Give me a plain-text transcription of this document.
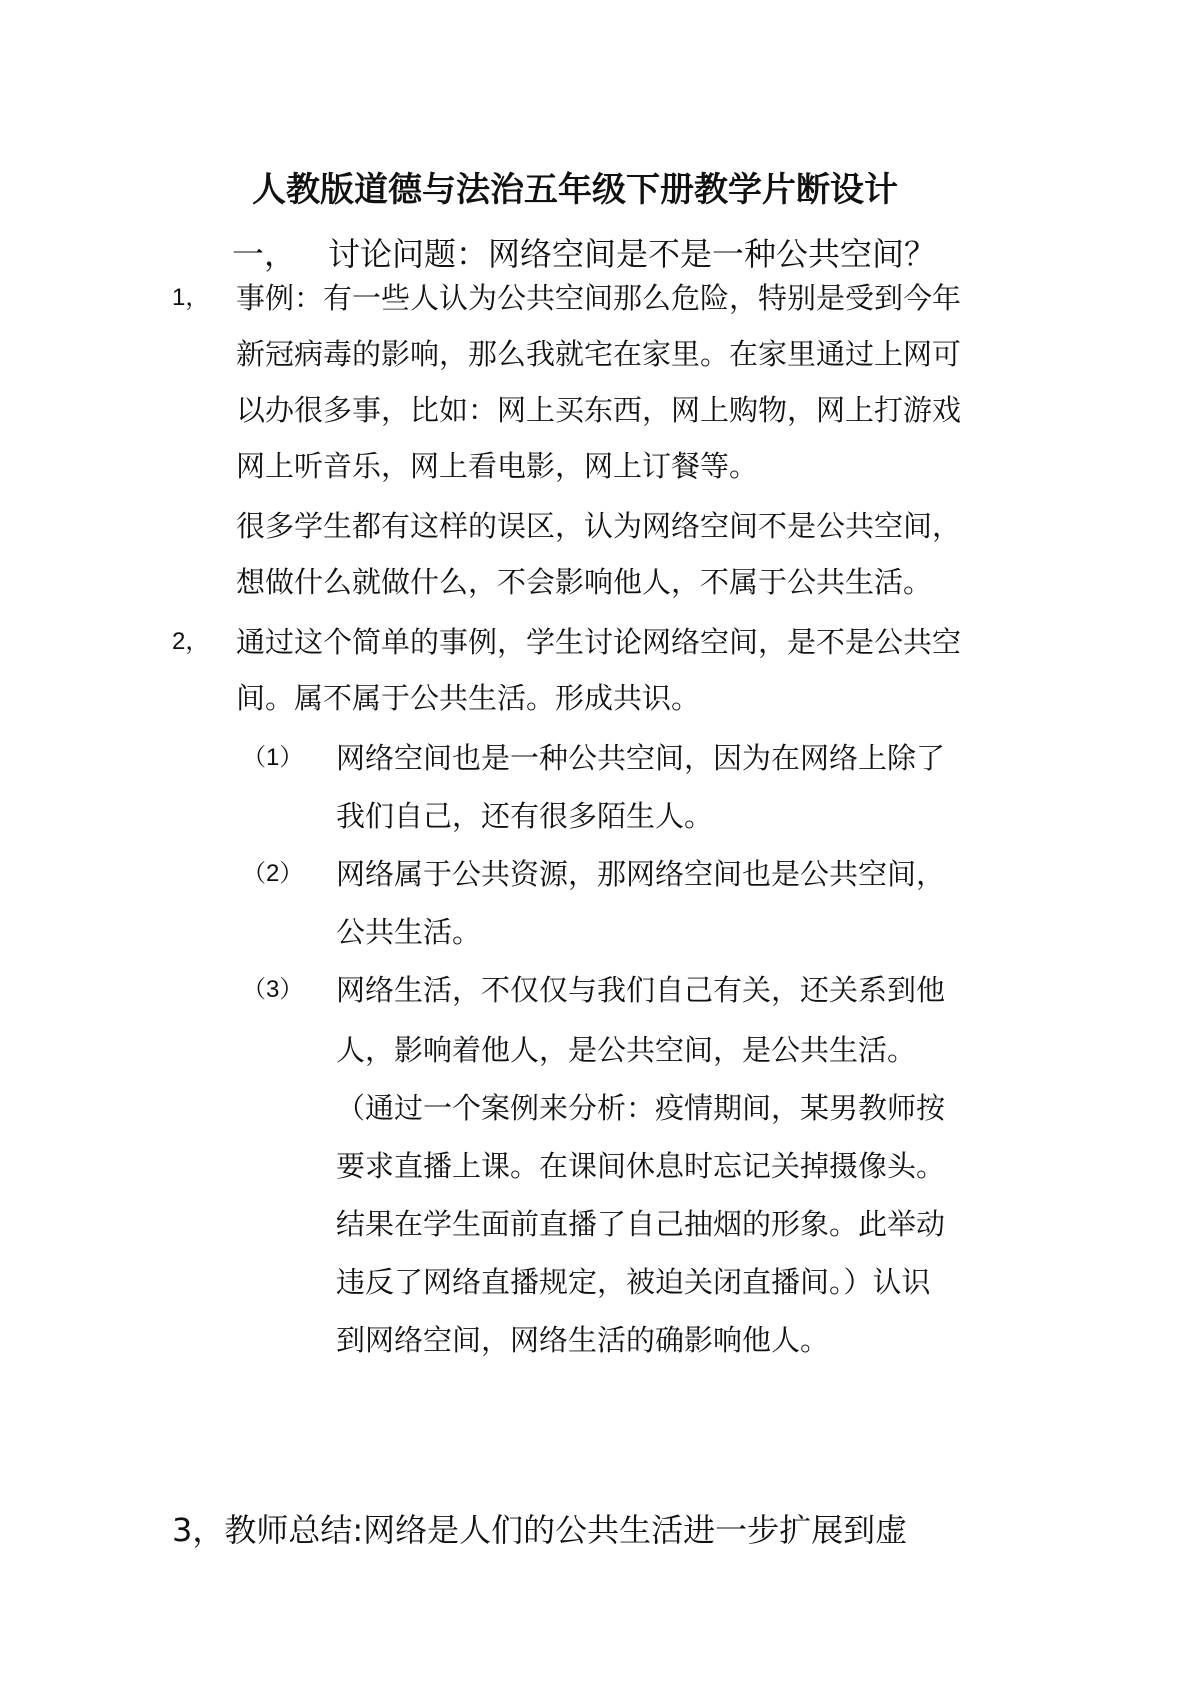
人教版道德与法治五年级下册教学片断设计
一， 讨论问题：网络空间是不是一种公共空间？
1， 事例：有一些人认为公共空间那么危险，特别是受到今年
新冠病毒的影响，那么我就宅在家里。在家里通过上网可
以办很多事，比如：网上买东西，网上购物，网上打游戏
网上听音乐，网上看电影，网上订餐等。
很多学生都有这样的误区，认为网络空间不是公共空间，
想做什么就做什么，不会影响他人，不属于公共生活。
2， 通过这个简单的事例，学生讨论网络空间，是不是公共空
间。属不属于公共生活。形成共识。
（1） 网络空间也是一种公共空间，因为在网络上除了
我们自己，还有很多陌生人。
（2） 网络属于公共资源，那网络空间也是公共空间，
公共生活。
（3） 网络生活，不仅仅与我们自己有关，还关系到他
人，影响着他人，是公共空间，是公共生活。
（通过一个案例来分析：疫情期间，某男教师按
要求直播上课。在课间休息时忘记关掉摄像头。
结果在学生面前直播了自己抽烟的形象。此举动
违反了网络直播规定，被迫关闭直播间。）认识
到网络空间，网络生活的确影响他人。
3，教师总结:网络是人们的公共生活进一步扩展到虚
